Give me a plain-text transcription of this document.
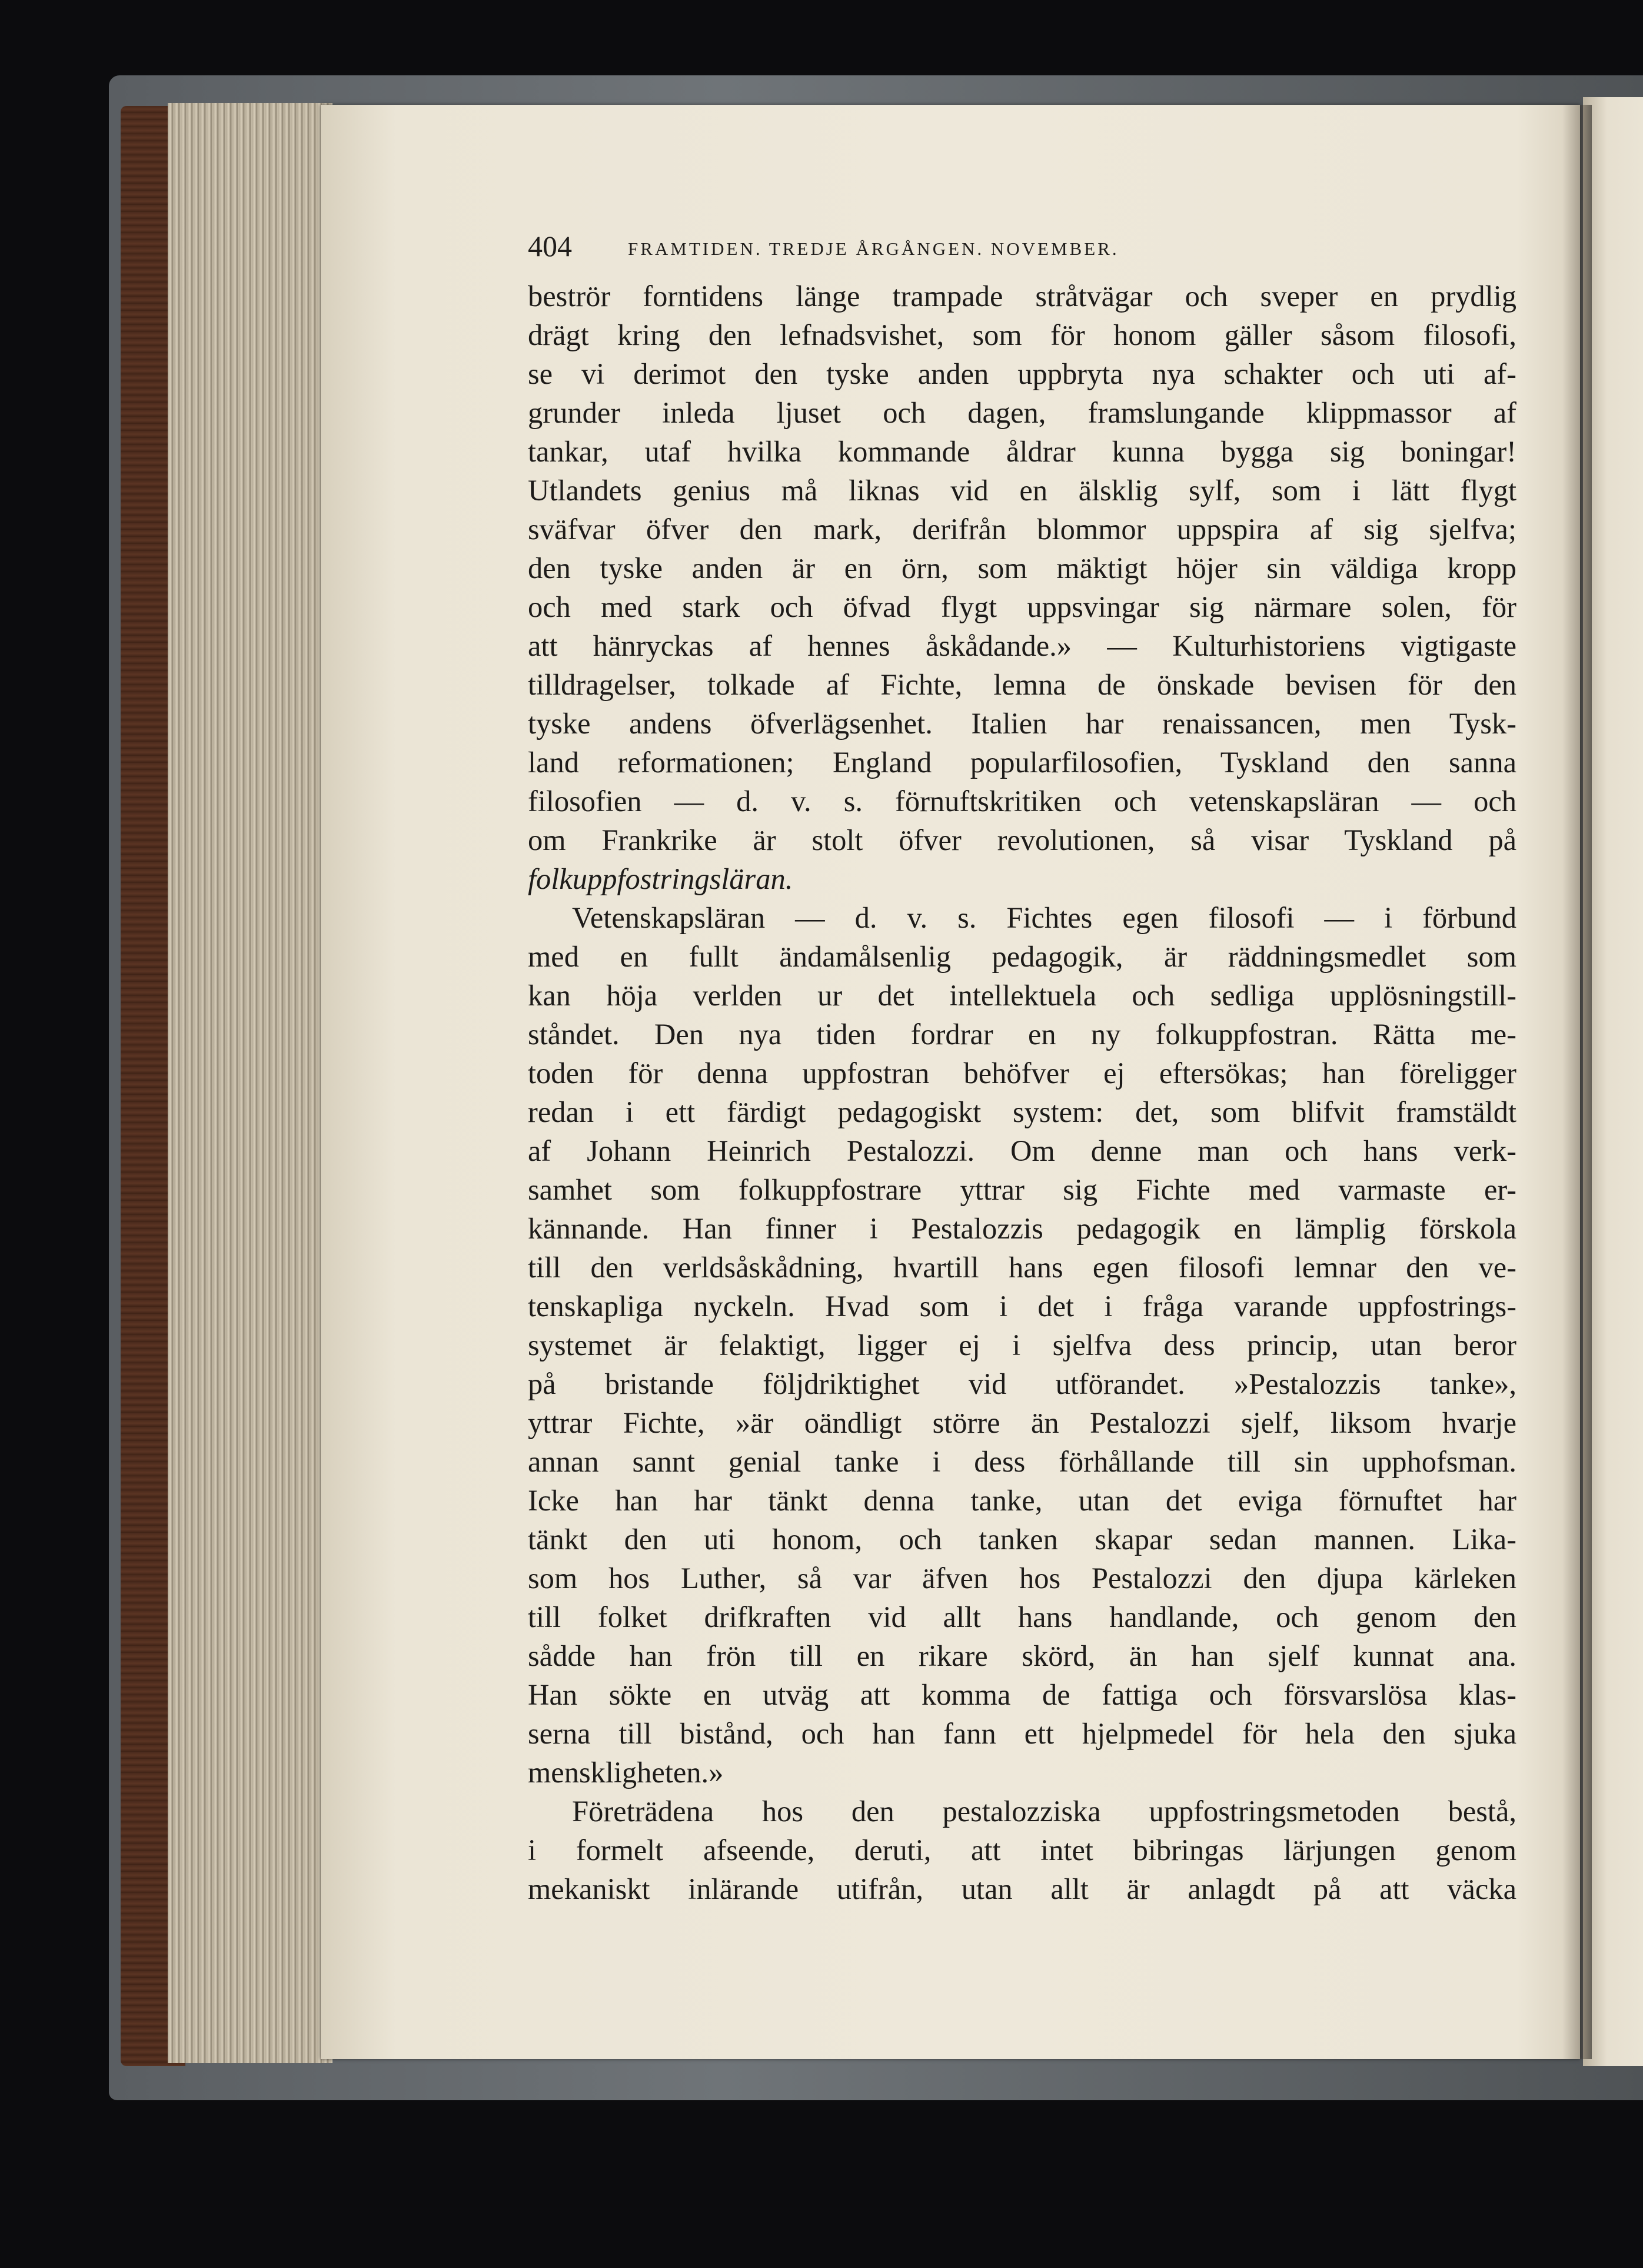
404	FRAMTIDEN. TREDJE ÅRGÅNGEN. NOVEMBER.
beströr forntidens länge trampade stråtvägar och sveper en prydlig
drägt kring den lefnadsvishet, som för honom gäller såsom filosofi,
se vi derimot den tyske anden uppbryta nya schakter och uti af-
grunder inleda ljuset och dagen, framslungande klippmassor af
tankar, utaf hvilka kommande åldrar kunna bygga sig boningar!
Utlandets genius må liknas vid en älsklig sylf, som i lätt flygt
sväfvar öfver den mark, derifrån blommor uppspira af sig sjelfva;
den tyske anden är en örn, som mäktigt höjer sin väldiga kropp
och med stark och öfvad flygt uppsvingar sig närmare solen, för
att hänryckas af hennes åskådande.» — Kulturhistoriens vigtigaste
tilldragelser, tolkade af Fichte, lemna de önskade bevisen för den
tyske andens öfverlägsenhet. Italien har renaissancen, men Tysk-
land reformationen; England popularfilosofien, Tyskland den sanna
filosofien — d. v. s. förnuftskritiken och vetenskapsläran — och
om Frankrike är stolt öfver revolutionen, så visar Tyskland på
folkuppfostringsläran.
Vetenskapsläran — d. v. s. Fichtes egen filosofi — i förbund
med en fullt ändamålsenlig pedagogik, är räddningsmedlet som
kan höja verlden ur det intellektuela och sedliga upplösningstill-
ståndet. Den nya tiden fordrar en ny folkuppfostran. Rätta me-
toden för denna uppfostran behöfver ej eftersökas; han föreligger
redan i ett färdigt pedagogiskt system: det, som blifvit framstäldt
af Johann Heinrich Pestalozzi. Om denne man och hans verk-
samhet som folkuppfostrare yttrar sig Fichte med varmaste er-
kännande. Han finner i Pestalozzis pedagogik en lämplig förskola
till den verldsåskådning, hvartill hans egen filosofi lemnar den ve-
tenskapliga nyckeln. Hvad som i det i fråga varande uppfostrings-
systemet är felaktigt, ligger ej i sjelfva dess princip, utan beror
på bristande följdriktighet vid utförandet. »Pestalozzis tanke»,
yttrar Fichte, »är oändligt större än Pestalozzi sjelf, liksom hvarje
annan sannt genial tanke i dess förhållande till sin upphofsman.
Icke han har tänkt denna tanke, utan det eviga förnuftet har
tänkt den uti honom, och tanken skapar sedan mannen. Lika-
som hos Luther, så var äfven hos Pestalozzi den djupa kärleken
till folket drifkraften vid allt hans handlande, och genom den
sådde han frön till en rikare skörd, än han sjelf kunnat ana.
Han sökte en utväg att komma de fattiga och försvarslösa klas-
serna till bistånd, och han fann ett hjelpmedel för hela den sjuka
menskligheten.»
Företrädena hos den pestalozziska uppfostringsmetoden bestå,
i formelt afseende, deruti, att intet bibringas lärjungen genom
mekaniskt inlärande utifrån, utan allt är anlagdt på att väcka
